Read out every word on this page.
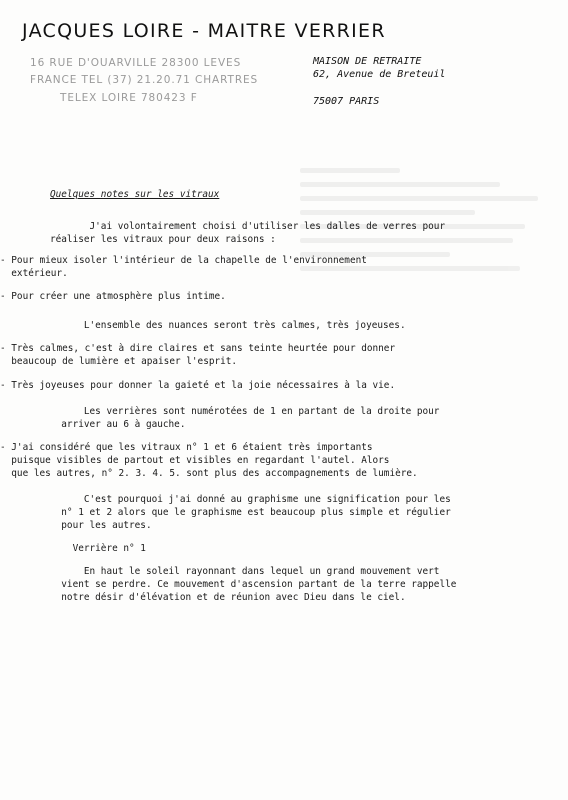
JACQUES LOIRE - MAITRE VERRIER
16 RUE D'OUARVILLE 28300 LEVES
FRANCE TEL (37) 21.20.71 CHARTRES
TELEX LOIRE 780423 F
MAISON DE RETRAITE
62, Avenue de Breteuil
75007 PARIS

Quelques notes sur les vitraux

J'ai volontairement choisi d'utiliser les dalles de verres pour
réaliser les vitraux pour deux raisons :

- Pour mieux isoler l'intérieur de la chapelle de l'environnement
extérieur.

- Pour créer une atmosphère plus intime.

L'ensemble des nuances seront très calmes, très joyeuses.

- Très calmes, c'est à dire claires et sans teinte heurtée pour donner
beaucoup de lumière et apaiser l'esprit.

- Très joyeuses pour donner la gaieté et la joie nécessaires à la vie.

Les verrières sont numérotées de 1 en partant de la droite pour
arriver au 6 à gauche.

- J'ai considéré que les vitraux n° 1 et 6 étaient très importants
puisque visibles de partout et visibles en regardant l'autel. Alors
que les autres, n° 2. 3. 4. 5. sont plus des accompagnements de lumière.

C'est pourquoi j'ai donné au graphisme une signification pour les
n° 1 et 2 alors que le graphisme est beaucoup plus simple et régulier
pour les autres.

Verrière n° 1

En haut le soleil rayonnant dans lequel un grand mouvement vert
vient se perdre. Ce mouvement d'ascension partant de la terre rappelle
notre désir d'élévation et de réunion avec Dieu dans le ciel.
